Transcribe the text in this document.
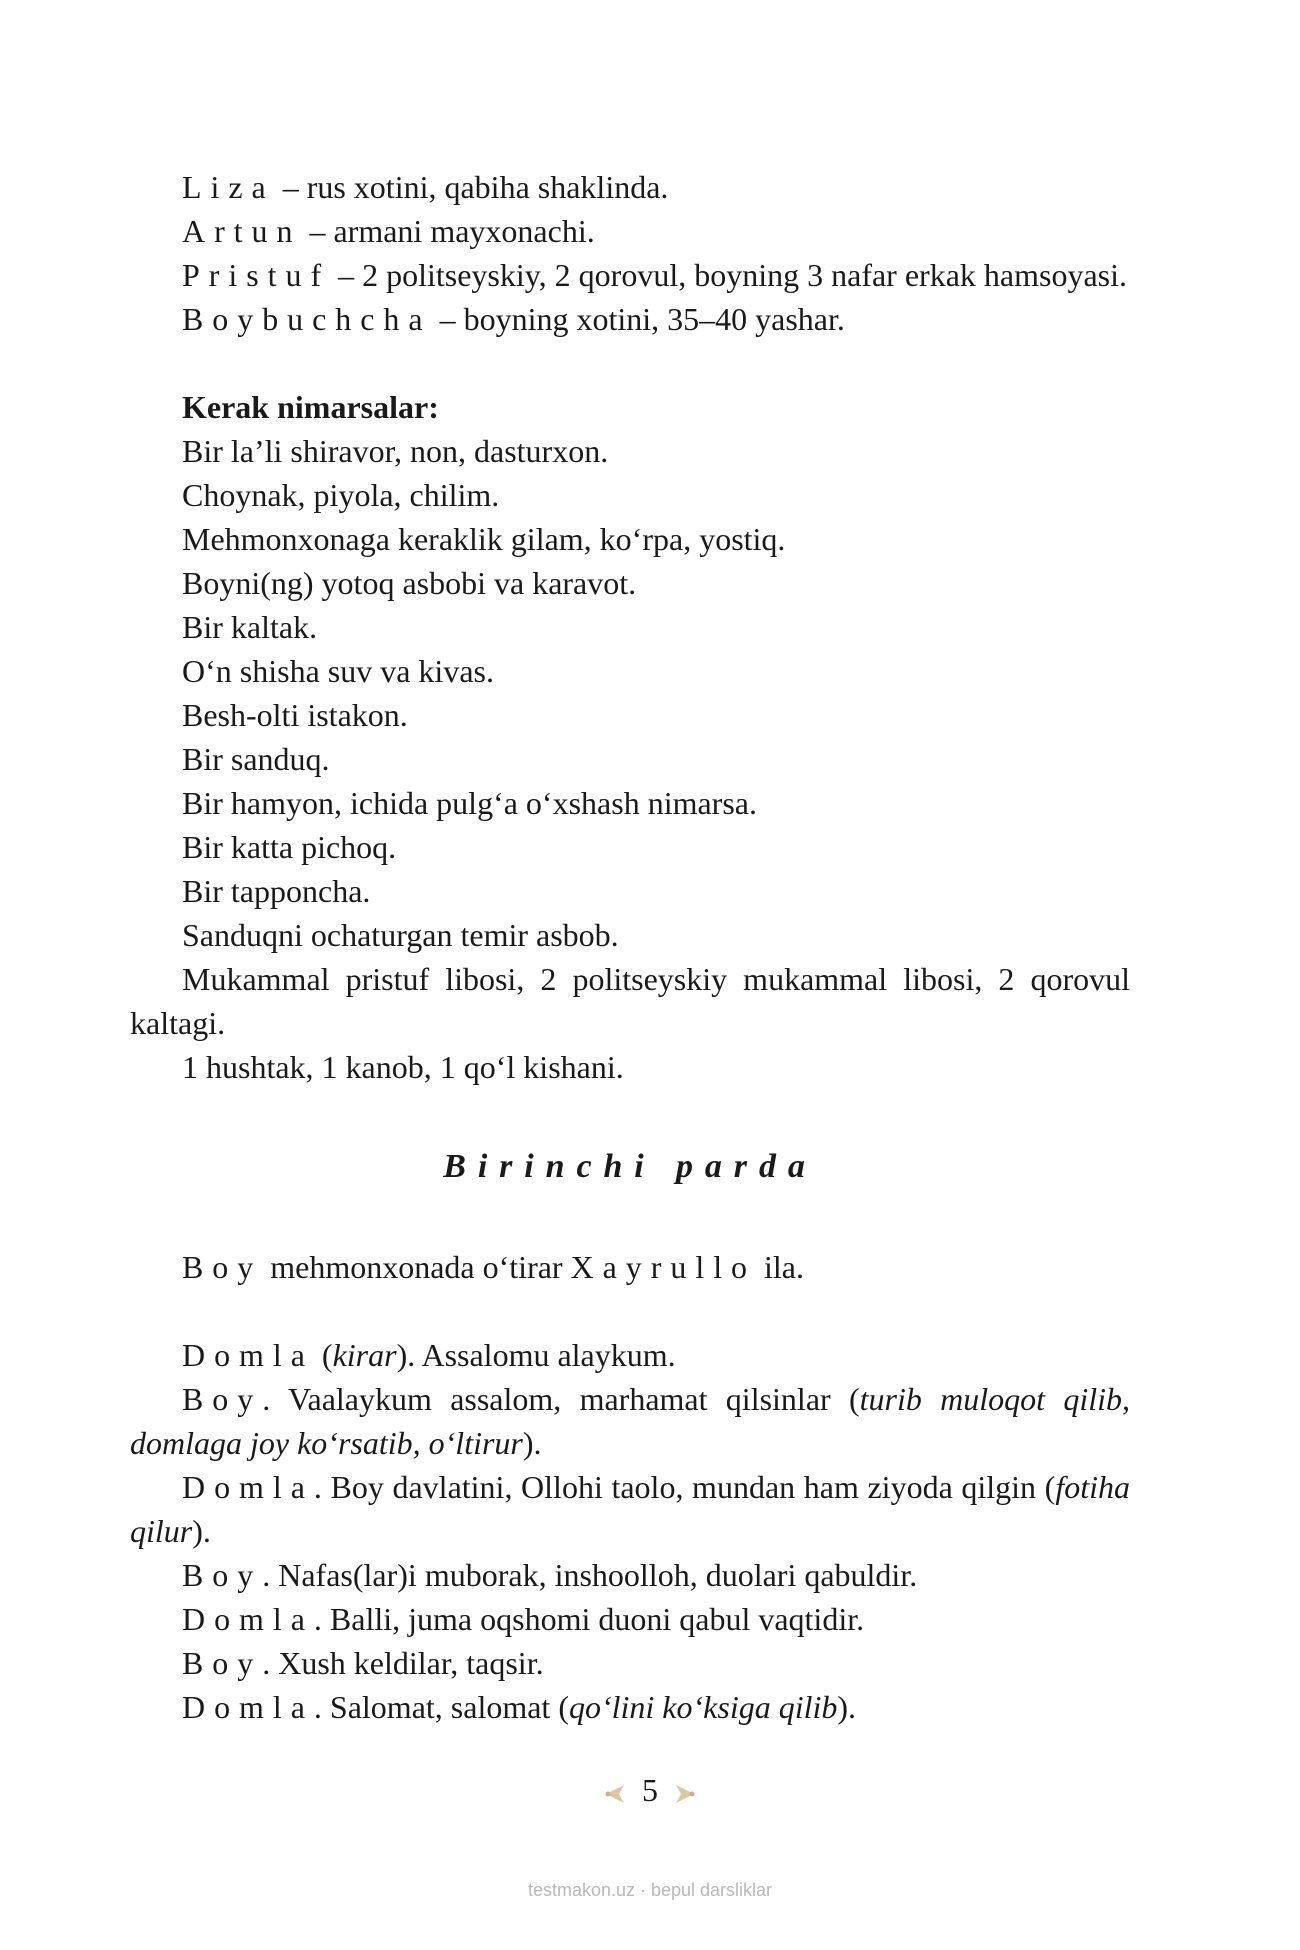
Liza – rus xotini, qabiha shaklinda.

Artun – armani mayxonachi.

Pristuf – 2 politseyskiy, 2 qorovul, boyning 3 nafar erkak hamsoyasi.

Boybuchcha – boyning xotini, 35–40 yashar.

Kerak nimarsalar:

Bir la’li shiravor, non, dasturxon.

Choynak, piyola, chilim.

Mehmonxonaga keraklik gilam, ko‘rpa, yostiq.

Boyni(ng) yotoq asbobi va karavot.

Bir kaltak.

O‘n shisha suv va kivas.

Besh-olti istakon.

Bir sanduq.

Bir hamyon, ichida pulg‘a o‘xshash nimarsa.

Bir katta pichoq.

Bir tapponcha.

Sanduqni ochaturgan temir asbob.

Mukammal pristuf libosi, 2 politseyskiy mukammal libosi, 2 qorovul kaltagi.

1 hushtak, 1 kanob, 1 qo‘l kishani.

Birinchi parda

Boy mehmonxonada o‘tirar Xayrullo ila.

Domla (kirar). Assalomu alaykum.

Boy. Vaalaykum assalom, marhamat qilsinlar (turib muloqot qilib, domlaga joy ko‘rsatib, o‘ltirur).

Domla. Boy davlatini, Ollohi taolo, mundan ham ziyoda qilgin (fotiha qilur).

Boy. Nafas(lar)i muborak, inshoolloh, duolari qabuldir.

Domla. Balli, juma oqshomi duoni qabul vaqtidir.

Boy. Xush keldilar, taqsir.

Domla. Salomat, salomat (qo‘lini ko‘ksiga qilib).

5
testmakon.uz · bepul darsliklar
